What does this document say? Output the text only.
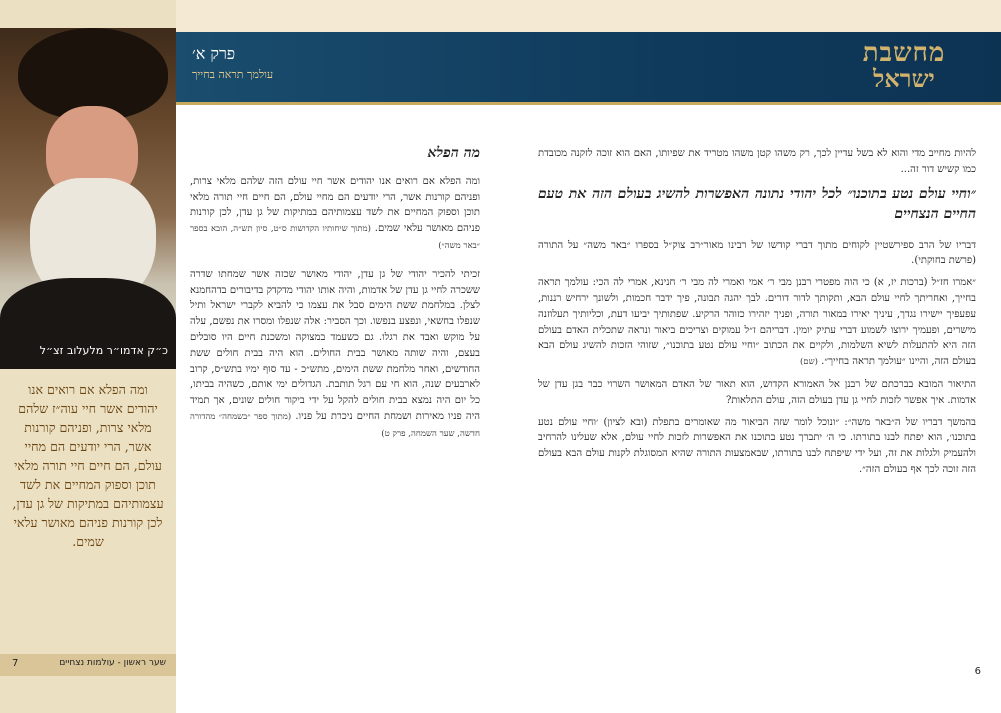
כ״ק אדמו״ר מלעלוב זצ״ל
ומה הפלא אם רואים אנו יהודים אשר חיי עוה״ז שלהם מלאי צרות, ופניהם קורנות אשר, הרי יודעים הם מחיי עולם, הם חיים חיי תורה מלאי תוכן וספוק המחיים את לשד עצמותיהם במתיקות של גן עדן, לכן קורנות פניהם מאושר עלאי שמים.
7	שער ראשון - עולמות נצחיים
פרק א׳
עולמך תראה בחייך
מחשבת
ישראל
מה הפלא

ומה הפלא אם רואים אנו יהודים אשר חיי עולם הזה שלהם מלאי צרות, ופניהם קורנות אשר, הרי יודעים הם מחיי עולם, הם חיים חיי תורה מלאי תוכן וספוק המחיים את לשד עצמותיהם במתיקות של גן עדן, לכן קורנות פניהם מאושר עלאי שמים. (מתוך שיחותיו הקדושות ס״ט, סיון תש״ה, הובא בספר ״באר משה״)

זכיתי להכיר יהודי של גן עדן, יהודי מאושר שכזה אשר שמחתו שדרה ששכרה לחיי גן עדן של אדמות, והיה אותו יהודי מדקדק בדיבורים בדהחמנא לצלן. במלחמת ששת הימים סבל את עצמו כי להביא לקברי ישראל ותיל שנפלו בחשאי, ונפצע בנפשו. וכך הסביר: אלה שנפלו ומסרו את נפשם, עלה על מוקש ואבד את רגלו. גם כשעמד במצוקה ומשכנת חיים היו סובלים בעצם, והיה שותה מאושר בבית החולים. הוא היה בבית חולים ששת החודשים, ואחר מלחמת ששת הימים, מתש״כ - עד סוף ימיו בתש״ס, קרוב לארבעים שנה, הוא חי עם רגל תותבת. הגדולים ימי אותם, כשהיה בביתו, כל יום היה נמצא בבית חולים להקל על ידי ביקור חולים שונים, אך תמיד היה פניו מאירות ושמחת החיים ניכרת על פניו. (מתוך ספר ״בשמחה״ מהדורה חדשה, שער השמחה, פרק ט)

להיות מחייב מדי והוא לא בשל עדיין לכך, רק משהו קטן משהו מטריד את שפיותו, האם הוא זוכה לזקנה מכובדת כמו קשיש דור זה...

״וחיי עולם נטע בתוכנו״ לכל יהודי נתונה האפשרות להשיג בעולם הזה את טעם החיים הנצחיים

דבריו של הרב ספירשטיין לקוחים מתוך דברי קודשו של רבינו מאור״רב צוק״ל בספרו ״באר משה״ על התורה (פרשת בחוקתי).

״אמרו חז״ל (ברכות יז, א) כי הוה מפטרי רבנן מבי ר׳ אמי ואמרי לה מבי ר׳ חנינא, אמרי לה הכי: עולמך תראה בחייך, ואחריתך לחיי עולם הבא, ותקותך לדור דורים. לבך יהגה תבונה, פיך ידבר חכמות, ולשונך ירחיש רננות, עפעפיך יישירו נגדך, עיניך יאירו במאור תורה, ופניך יזהירו כזוהר הרקיע. שפתותיך יביעו דעת, וכליותיך תעלוזנה מישרים, ופעמיך ירוצו לשמוע דברי עתיק יומין. דבריהם ז״ל עמוקים וצריכים ביאור ונראה שתכלית האדם בעולם הזה היא להתעלות לשיא השלמות, ולקיים את הכתוב ״וחיי עולם נטע בתוכנו״, שזוהי הזכות להשיג עולם הבא בעולם הזה, והיינו ״עולמך תראה בחייך״. (שם)

התיאור המובא בברכתם של רבנן אל האמורא הקדוש, הוא תאור של האדם המאושר השרוי כבר בגן עדן של אדמות. איך אפשר לזכות לחיי גן עדן בעולם הזה, עולם התלאות?

בהמשך דבריו של ה״באר משה״: ״ונוכל לומר שזה הביאור מה שאומרים בתפלת (ובא לציון) ׳וחיי עולם נטע בתוכנו׳, הוא יפתח לבנו בתורתו. כי ה׳ יתברך נטע בתוכנו את האפשרות לזכות לחיי עולם, אלא שעלינו להרחיב ולהעמיק ולגלות את זה, ועל ידי שיפתח לבנו בתורתו, שבאמצעות התורה שהיא המסוגלת לקנות עולם הבא בעולם הזה זוכה לכך אף בעולם הזה״.

6
